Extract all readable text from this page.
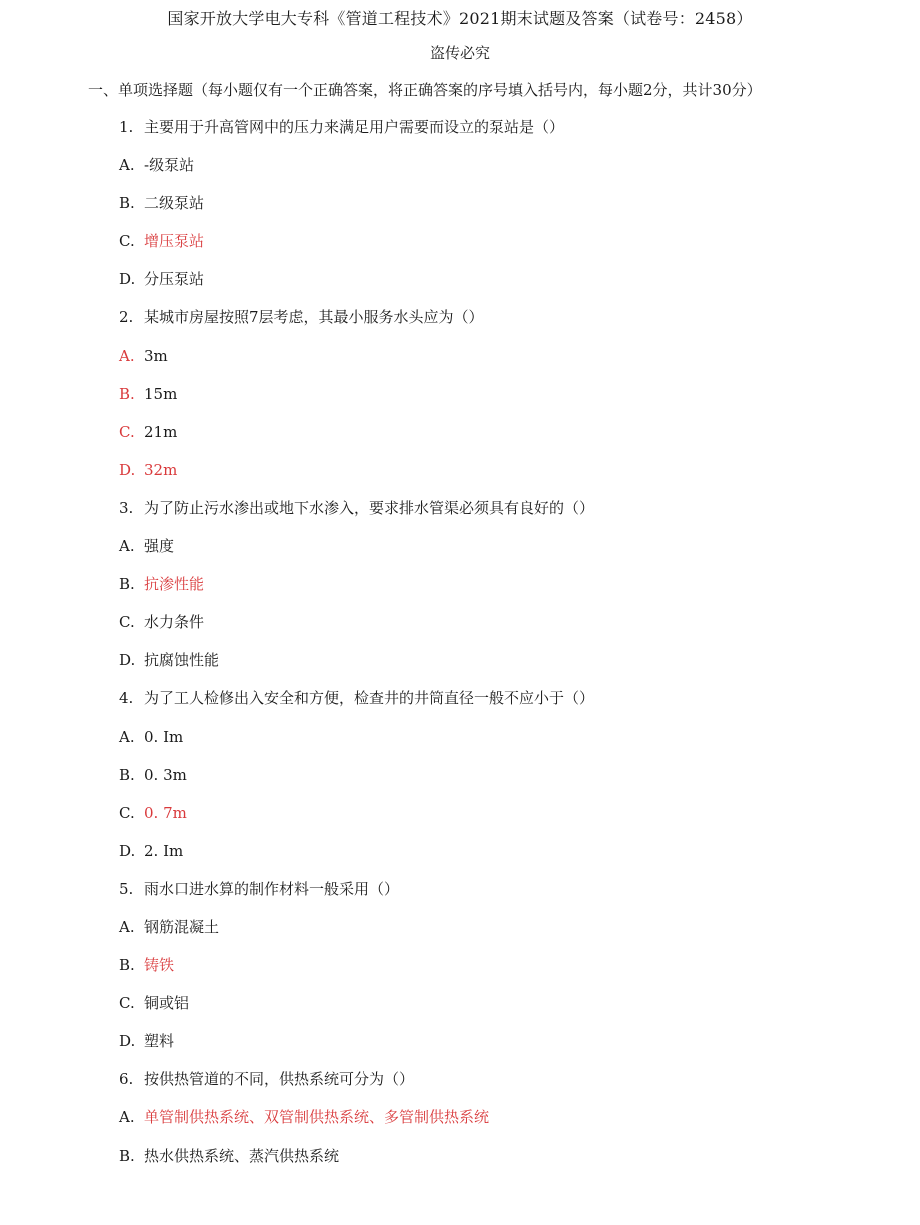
国家开放大学电大专科《管道工程技术》2021期末试题及答案（试卷号：2458）
盗传必究
一、单项选择题（每小题仅有一个正确答案，将正确答案的序号填入括号内，每小题2分，共计30分）
1. 主要用于升高管网中的压力来满足用户需要而设立的泵站是（）
A. -级泵站
B. 二级泵站
C. 增压泵站
D. 分压泵站
2. 某城市房屋按照7层考虑，其最小服务水头应为（）
A. 3m
B. 15m
C. 21m
D. 32m
3. 为了防止污水渗出或地下水渗入，要求排水管渠必须具有良好的（）
A. 强度
B. 抗渗性能
C. 水力条件
D. 抗腐蚀性能
4. 为了工人检修出入安全和方便，检查井的井筒直径一般不应小于（）
A. 0. Im
B. 0. 3m
C. 0. 7m
D. 2. Im
5. 雨水口进水算的制作材料一般采用（）
A. 钢筋混凝土
B. 铸铁
C. 铜或铝
D. 塑料
6. 按供热管道的不同，供热系统可分为（）
A. 单管制供热系统、双管制供热系统、多管制供热系统
B. 热水供热系统、蒸汽供热系统
